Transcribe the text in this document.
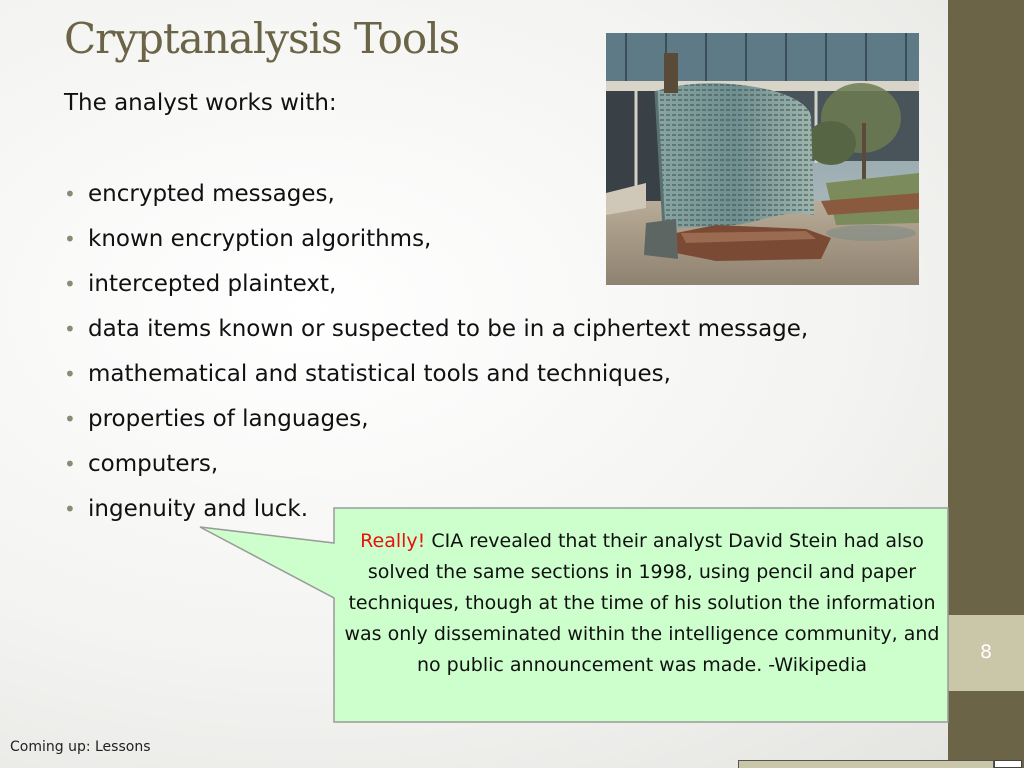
8
Cryptanalysis Tools
The analyst works with:
• encrypted messages,
• known encryption algorithms,
• intercepted plaintext,
• data items known or suspected to be in a ciphertext message,
• mathematical and statistical tools and techniques,
• properties of languages,
• computers,
• ingenuity and luck.
Really! CIA revealed that their analyst David Stein had also solved the same sections in 1998, using pencil and paper techniques, though at the time of his solution the information was only disseminated within the intelligence community, and no public announcement was made. -Wikipedia
Coming up: Lessons
